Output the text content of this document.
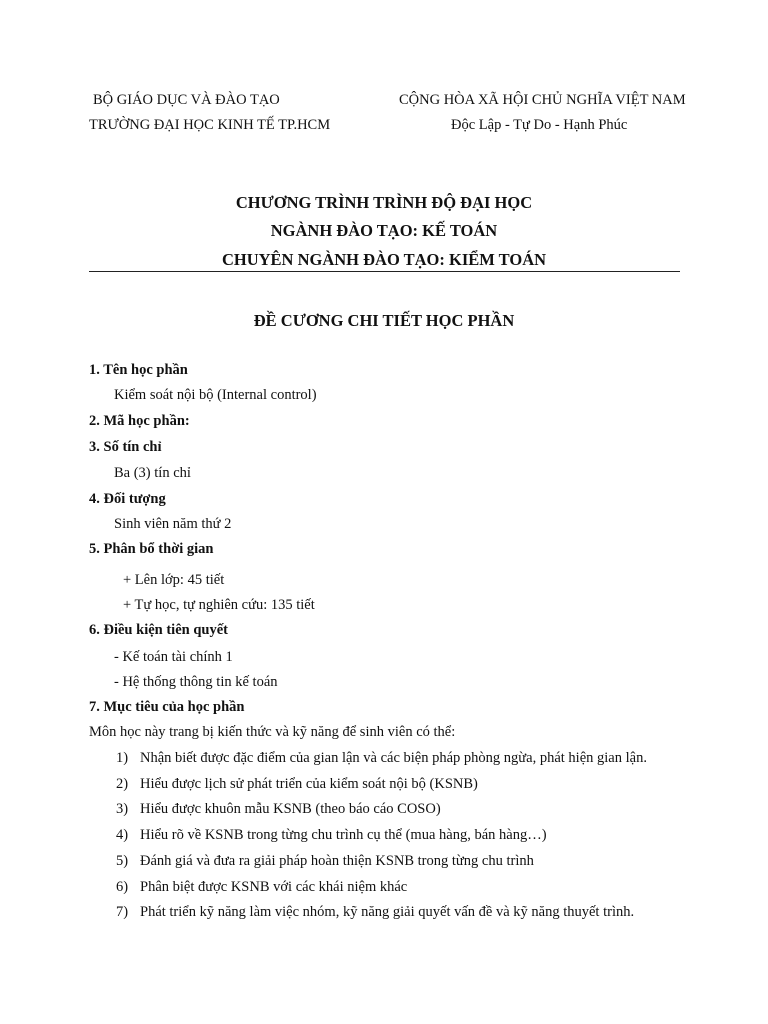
BỘ GIÁO DỤC VÀ ĐÀO TẠO
TRƯỜNG ĐẠI HỌC KINH TẾ TP.HCM
CỘNG HÒA XÃ HỘI CHỦ NGHĨA VIỆT NAM
Độc Lập - Tự Do - Hạnh Phúc
CHƯƠNG TRÌNH TRÌNH ĐỘ ĐẠI HỌC
NGÀNH ĐÀO TẠO: KẾ TOÁN
CHUYÊN NGÀNH ĐÀO TẠO: KIỂM TOÁN
ĐỀ CƯƠNG CHI TIẾT HỌC PHẦN
1. Tên học phần
Kiểm soát nội bộ (Internal control)
2. Mã học phần:
3. Số tín chỉ
Ba (3) tín chỉ
4. Đối tượng
Sinh viên năm thứ 2
5. Phân bổ thời gian
+ Lên lớp: 45 tiết
+ Tự học, tự nghiên cứu: 135 tiết
6. Điều kiện tiên quyết
- Kế toán tài chính 1
- Hệ thống thông tin kế toán
7. Mục tiêu của học phần
Môn học này trang bị kiến thức và kỹ năng để sinh viên có thể:
1) Nhận biết được đặc điểm của gian lận và các biện pháp phòng ngừa, phát hiện gian lận.
2) Hiểu được lịch sử phát triển của kiểm soát nội bộ (KSNB)
3) Hiểu được khuôn mẫu KSNB (theo báo cáo COSO)
4) Hiểu rõ về KSNB trong từng chu trình cụ thể (mua hàng, bán hàng…)
5) Đánh giá và đưa ra giải pháp hoàn thiện KSNB trong từng chu trình
6) Phân biệt được KSNB với các khái niệm khác
7) Phát triển kỹ năng làm việc nhóm, kỹ năng giải quyết vấn đề và kỹ năng thuyết trình.
